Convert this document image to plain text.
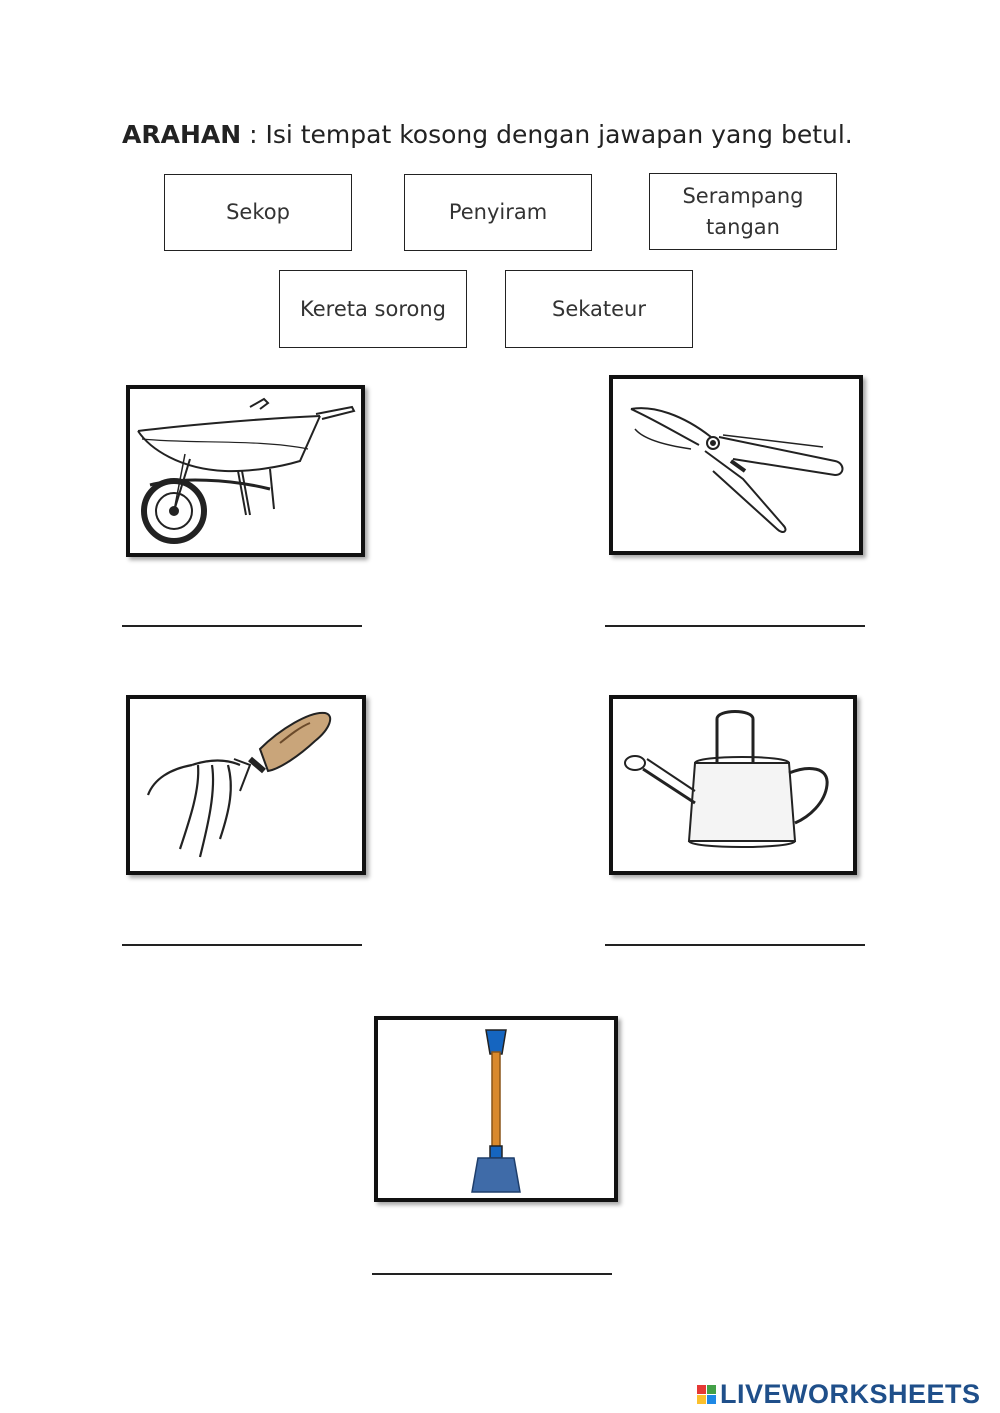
ARAHAN : Isi tempat kosong dengan jawapan yang betul.
Sekop	Penyiram
Serampang
tangan
Kereta sorong	Sekateur
LIVEWORKSHEETS
